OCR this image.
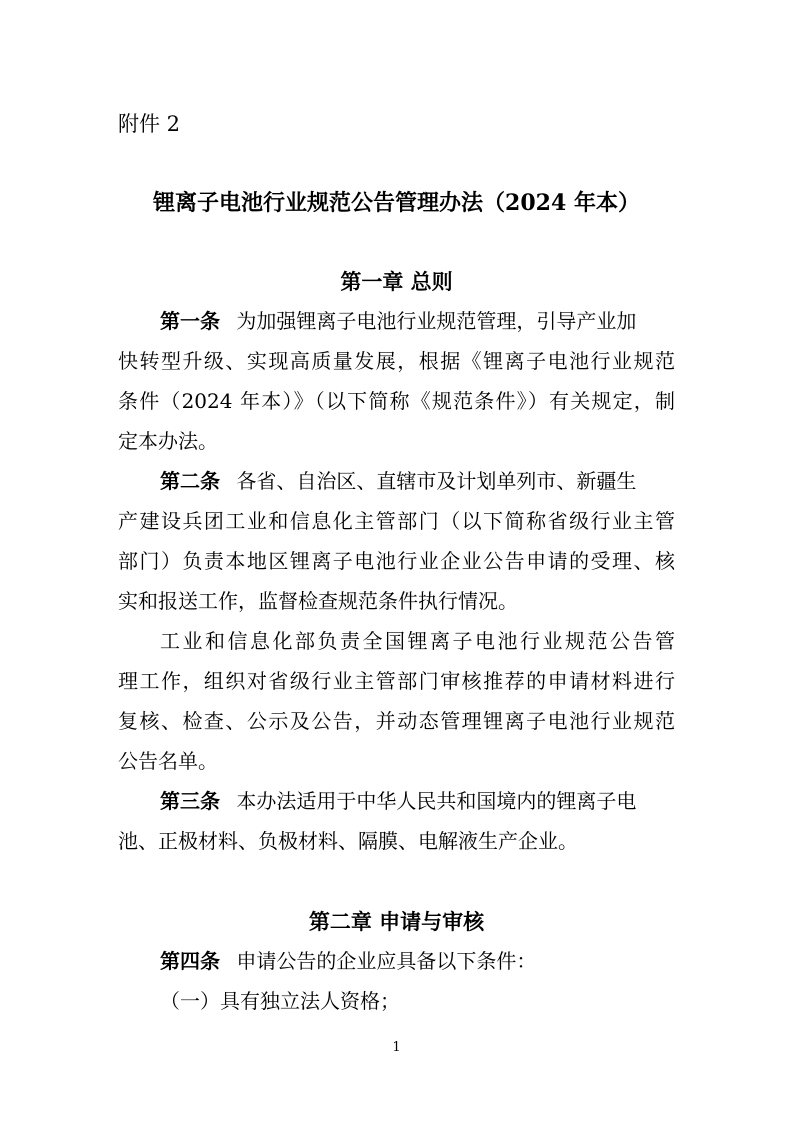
附件 2
锂离子电池行业规范公告管理办法（2024 年本）
第一章 总则
第一条 为加强锂离子电池行业规范管理，引导产业加
快转型升级、实现高质量发展，根据《锂离子电池行业规范
条件（2024 年本）》（以下简称《规范条件》）有关规定，制
定本办法。
第二条 各省、自治区、直辖市及计划单列市、新疆生
产建设兵团工业和信息化主管部门（以下简称省级行业主管
部门）负责本地区锂离子电池行业企业公告申请的受理、核
实和报送工作，监督检查规范条件执行情况。
工业和信息化部负责全国锂离子电池行业规范公告管
理工作，组织对省级行业主管部门审核推荐的申请材料进行
复核、检查、公示及公告，并动态管理锂离子电池行业规范
公告名单。
第三条 本办法适用于中华人民共和国境内的锂离子电
池、正极材料、负极材料、隔膜、电解液生产企业。
第二章 申请与审核
第四条 申请公告的企业应具备以下条件：
（一）具有独立法人资格；
1
